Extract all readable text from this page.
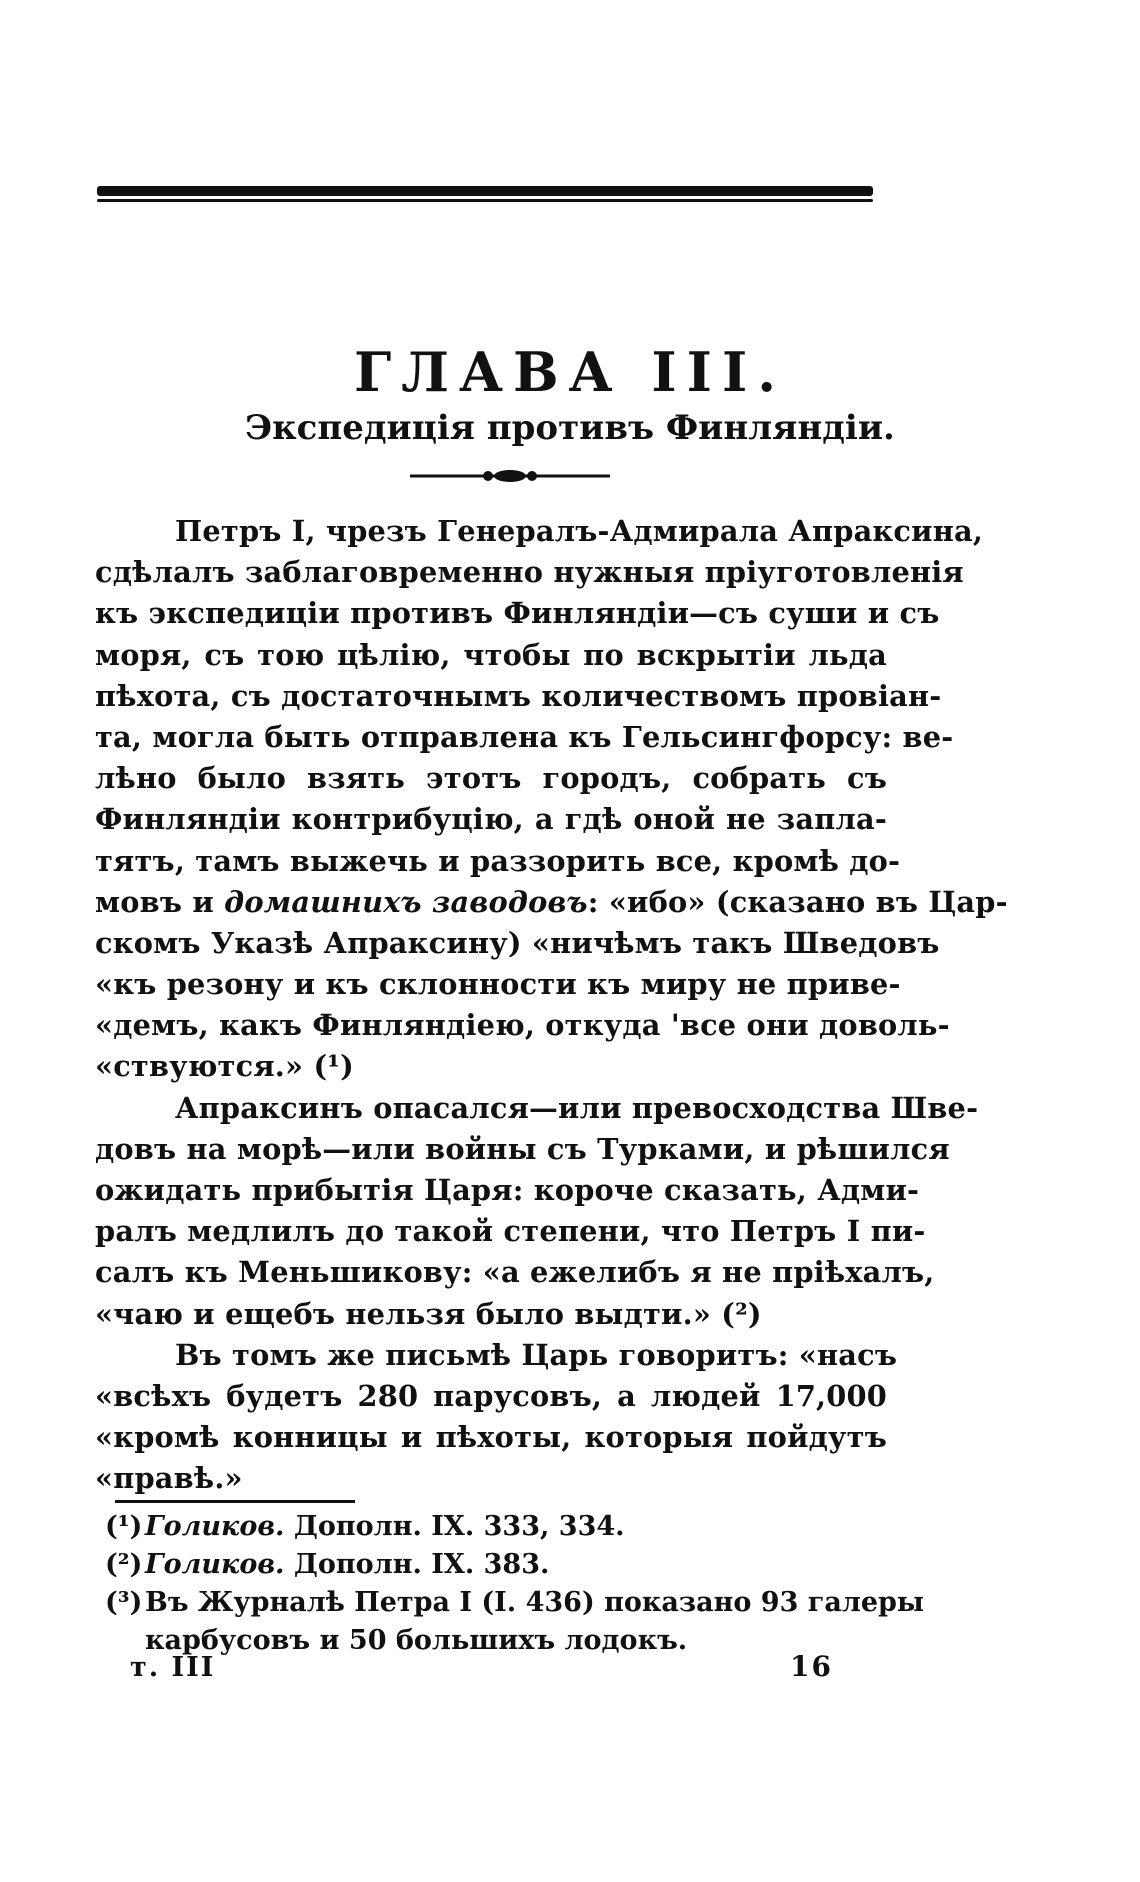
ГЛАВА III.
Экспедиція противъ Финляндіи.
Петръ I, чрезъ Генералъ-Адмирала Апраксина,
сдѣлалъ заблаговременно нужныя пріуготовленія
къ экспедиціи противъ Финляндіи—съ суши и съ
моря, съ тою цѣлію, чтобы по вскрытіи льда
пѣхота, съ достаточнымъ количествомъ провіан-
та, могла быть отправлена къ Гельсингфорсу: ве-
лѣно было взять этотъ городъ, собрать съ
Финляндіи контрибуцію, а гдѣ оной не запла-
тятъ, тамъ выжечь и раззорить все, кромѣ до-
мовъ и домашнихъ заводовъ: «ибо» (сказано въ Цар-
скомъ Указѣ Апраксину) «ничѣмъ такъ Шведовъ
«къ резону и къ склонности къ миру не приве-
«демъ, какъ Финляндіею, откуда 'все они доволь-
«ствуются.» (¹)
Апраксинъ опасался—или превосходства Шве-
довъ на морѣ—или войны съ Турками, и рѣшился
ожидать прибытія Царя: короче сказать, Адми-
ралъ медлилъ до такой степени, что Петръ I пи-
салъ къ Меньшикову: «а ежелибъ я не пріѣхалъ,
«чаю и ещебъ нельзя было выдти.» (²)
Въ томъ же письмѣ Царь говоритъ: «насъ
«всѣхъ будетъ 280 парусовъ, а людей 17,000
«кромѣ конницы и пѣхоты, которыя пойдутъ
«правѣ.»
(¹)Голиков. Дополн. IX. 333, 334.
(²)Голиков. Дополн. IX. 383.
(³)Въ Журналѣ Петра I (I. 436) показано 93 галеры
карбусовъ и 50 большихъ лодокъ.
т. III	16
